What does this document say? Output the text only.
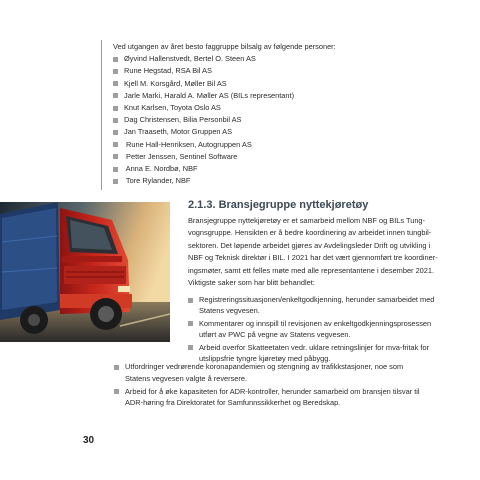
Ved utgangen av året besto faggruppe bilsalg av følgende personer:
Øyvind Hallenstvedt, Bertel O. Steen AS
Rune Hegstad, RSA Bil AS
Kjell M. Korsgård, Møller Bil AS
Jarle Marki, Harald A. Møller AS (BILs representant)
Knut Karlsen, Toyota Oslo AS
Dag Christensen, Bilia Personbil AS
Jan Traaseth, Motor Gruppen AS
Rune Hall-Henriksen, Autogruppen AS
Petter Jenssen, Sentinel Software
Anna E. Nordbø, NBF
Tore Rylander, NBF
2.1.3. Bransjegruppe nyttekjøretøy
Bransjegruppe nyttekjøretøy er et samarbeid mellom NBF og BILs Tung-
vognsgruppe. Hensikten er å bedre koordinering av arbeidet innen tungbil-
sektoren. Det løpende arbeidet gjøres av Avdelingsleder Drift og utvikling i
NBF og Teknisk direktør i BIL. I 2021 har det vært gjennomført tre koordiner-
ingsmøter, samt ett felles møte med alle representantene i desember 2021.
Viktigste saker som har blitt behandlet:
Registreringssituasjonen/enkeltgodkjenning, herunder samarbeidet med
Statens vegvesen.
Kommentarer og innspill til revisjonen av enkeltgodkjenningsprosessen
utført av PWC på vegne av Statens vegvesen.
Arbeid overfor Skatteetaten vedr. uklare retningslinjer for mva-fritak for
utslippsfrie tyngre kjøretøy med påbygg.
Utfordringer vedrørende koronapandemien og stengning av trafikkstasjoner, noe som
Statens vegvesen valgte å reversere.
Arbeid for å øke kapasiteten for ADR-kontroller, herunder samarbeid om bransjen tilsvar til
ADR-høring fra Direktoratet for Samfunnssikkerhet og Beredskap.
30
